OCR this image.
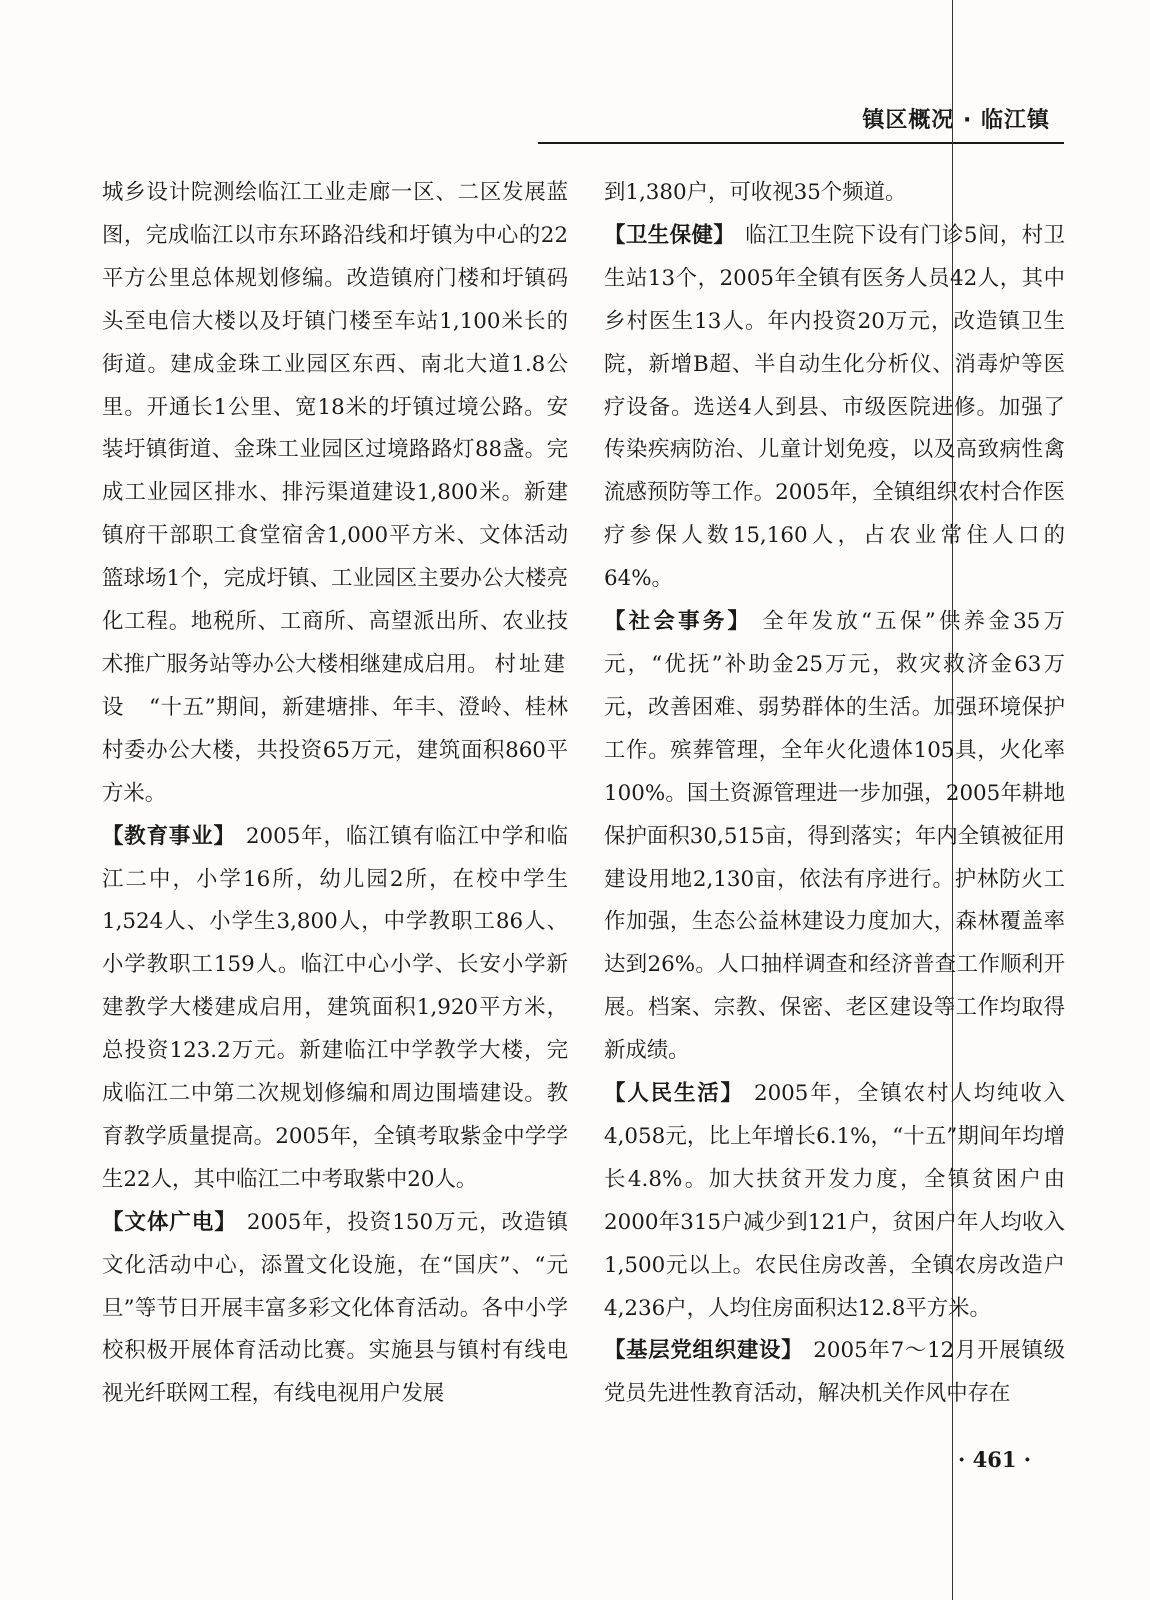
镇区概况 · 临江镇

城乡设计院测绘临江工业走廊一区、二区发展蓝图，完成临江以市东环路沿线和圩镇为中心的22平方公里总体规划修编。改造镇府门楼和圩镇码头至电信大楼以及圩镇门楼至车站1,100米长的街道。建成金珠工业园区东西、南北大道1.8公里。开通长1公里、宽18米的圩镇过境公路。安装圩镇街道、金珠工业园区过境路路灯88盏。完成工业园区排水、排污渠道建设1,800米。新建镇府干部职工食堂宿舍1,000平方米、文体活动篮球场1个，完成圩镇、工业园区主要办公大楼亮化工程。地税所、工商所、高望派出所、农业技术推广服务站等办公大楼相继建成启用。 村址建设 “十五”期间，新建塘排、年丰、澄岭、桂林村委办公大楼，共投资65万元，建筑面积860平方米。

【教育事业】 2005年，临江镇有临江中学和临江二中，小学16所，幼儿园2所，在校中学生1,524人、小学生3,800人，中学教职工86人、小学教职工159人。临江中心小学、长安小学新建教学大楼建成启用，建筑面积1,920平方米，总投资123.2万元。新建临江中学教学大楼，完成临江二中第二次规划修编和周边围墙建设。教育教学质量提高。2005年，全镇考取紫金中学学生22人，其中临江二中考取紫中20人。

【文体广电】 2005年，投资150万元，改造镇文化活动中心，添置文化设施，在“国庆”、“元旦”等节日开展丰富多彩文化体育活动。各中小学校积极开展体育活动比赛。实施县与镇村有线电视光纤联网工程，有线电视用户发展

到1,380户，可收视35个频道。

【卫生保健】 临江卫生院下设有门诊5间，村卫生站13个，2005年全镇有医务人员42人，其中乡村医生13人。年内投资20万元，改造镇卫生院，新增B超、半自动生化分析仪、消毒炉等医疗设备。选送4人到县、市级医院进修。加强了传染疾病防治、儿童计划免疫，以及高致病性禽流感预防等工作。2005年，全镇组织农村合作医疗参保人数15,160人，占农业常住人口的64%。

【社会事务】 全年发放“五保”供养金35万元，“优抚”补助金25万元，救灾救济金63万元，改善困难、弱势群体的生活。加强环境保护工作。殡葬管理，全年火化遗体105具，火化率100%。国土资源管理进一步加强，2005年耕地保护面积30,515亩，得到落实；年内全镇被征用建设用地2,130亩，依法有序进行。护林防火工作加强，生态公益林建设力度加大，森林覆盖率达到26%。人口抽样调查和经济普查工作顺利开展。档案、宗教、保密、老区建设等工作均取得新成绩。

【人民生活】 2005年，全镇农村人均纯收入4,058元，比上年增长6.1%，“十五”期间年均增长4.8%。加大扶贫开发力度，全镇贫困户由2000年315户减少到121户，贫困户年人均收入1,500元以上。农民住房改善，全镇农房改造户4,236户，人均住房面积达12.8平方米。

【基层党组织建设】 2005年7～12月开展镇级党员先进性教育活动，解决机关作风中存在

· 461 ·
